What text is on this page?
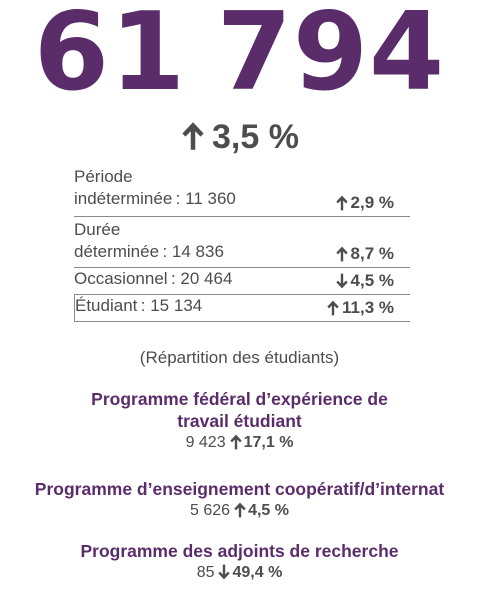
61 794
3,5 %
Période
indéterminée : 11 360	2,9 %
Durée
déterminée : 14 836	8,7 %
Occasionnel : 20 464	4,5 %
Étudiant : 15 134	11,3 %
(Répartition des étudiants)
Programme fédéral d’expérience de travail étudiant
9 423 17,1 %
Programme d’enseignement coopératif/d’internat
5 626 4,5 %
Programme des adjoints de recherche
85 49,4 %
